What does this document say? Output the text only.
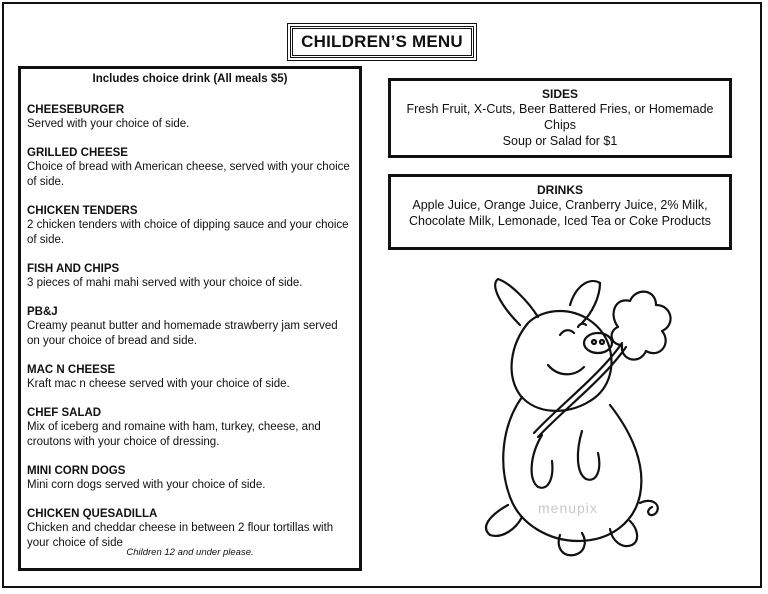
CHILDREN’S MENU
Includes choice drink (All meals $5)
CHEESEBURGER
Served with your choice of side.
GRILLED CHEESE
Choice of bread with American cheese, served with your choice of side.
CHICKEN TENDERS
2 chicken tenders with choice of dipping sauce and your choice of side.
FISH AND CHIPS
3 pieces of mahi mahi served with your choice of side.
PB&J
Creamy peanut butter and homemade strawberry jam served on your choice of bread and side.
MAC N CHEESE
Kraft mac n cheese served with your choice of side.
CHEF SALAD
Mix of iceberg and romaine with ham, turkey, cheese, and croutons with your choice of dressing.
MINI CORN DOGS
Mini corn dogs served with your choice of side.
CHICKEN QUESADILLA
Chicken and cheddar cheese in between 2 flour tortillas with your choice of side
Children 12 and under please.
SIDES
Fresh Fruit, X-Cuts, Beer Battered Fries, or Homemade Chips
Soup or Salad for $1
DRINKS
Apple Juice, Orange Juice, Cranberry Juice, 2% Milk, Chocolate Milk, Lemonade, Iced Tea or Coke Products
menupix
